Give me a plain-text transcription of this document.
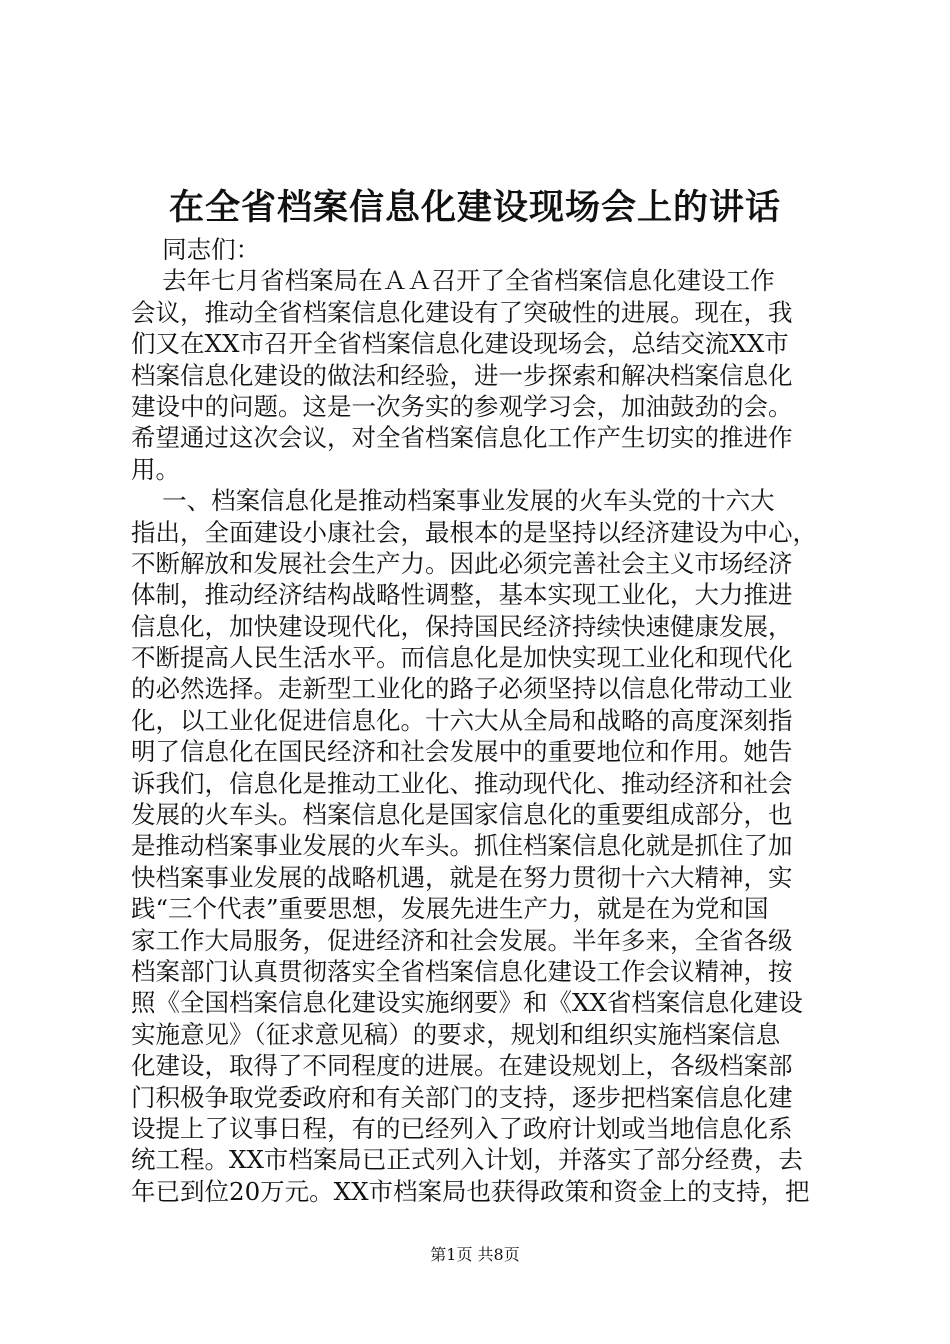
在全省档案信息化建设现场会上的讲话
同志们：
去年七月省档案局在ＡＡ召开了全省档案信息化建设工作
会议，推动全省档案信息化建设有了突破性的进展。现在，我
们又在XX市召开全省档案信息化建设现场会，总结交流XX市
档案信息化建设的做法和经验，进一步探索和解决档案信息化
建设中的问题。这是一次务实的参观学习会，加油鼓劲的会。
希望通过这次会议，对全省档案信息化工作产生切实的推进作
用。
一、档案信息化是推动档案事业发展的火车头党的十六大
指出，全面建设小康社会，最根本的是坚持以经济建设为中心，
不断解放和发展社会生产力。因此必须完善社会主义市场经济
体制，推动经济结构战略性调整，基本实现工业化，大力推进
信息化，加快建设现代化，保持国民经济持续快速健康发展，
不断提高人民生活水平。而信息化是加快实现工业化和现代化
的必然选择。走新型工业化的路子必须坚持以信息化带动工业
化，以工业化促进信息化。十六大从全局和战略的高度深刻指
明了信息化在国民经济和社会发展中的重要地位和作用。她告
诉我们，信息化是推动工业化、推动现代化、推动经济和社会
发展的火车头。档案信息化是国家信息化的重要组成部分，也
是推动档案事业发展的火车头。抓住档案信息化就是抓住了加
快档案事业发展的战略机遇，就是在努力贯彻十六大精神，实
践“三个代表”重要思想，发展先进生产力，就是在为党和国
家工作大局服务，促进经济和社会发展。半年多来，全省各级
档案部门认真贯彻落实全省档案信息化建设工作会议精神，按
照《全国档案信息化建设实施纲要》和《XX省档案信息化建设
实施意见》（征求意见稿）的要求，规划和组织实施档案信息
化建设，取得了不同程度的进展。在建设规划上，各级档案部
门积极争取党委政府和有关部门的支持，逐步把档案信息化建
设提上了议事日程，有的已经列入了政府计划或当地信息化系
统工程。XX市档案局已正式列入计划，并落实了部分经费，去
年已到位20万元。XX市档案局也获得政策和资金上的支持，把
第1页 共8页
